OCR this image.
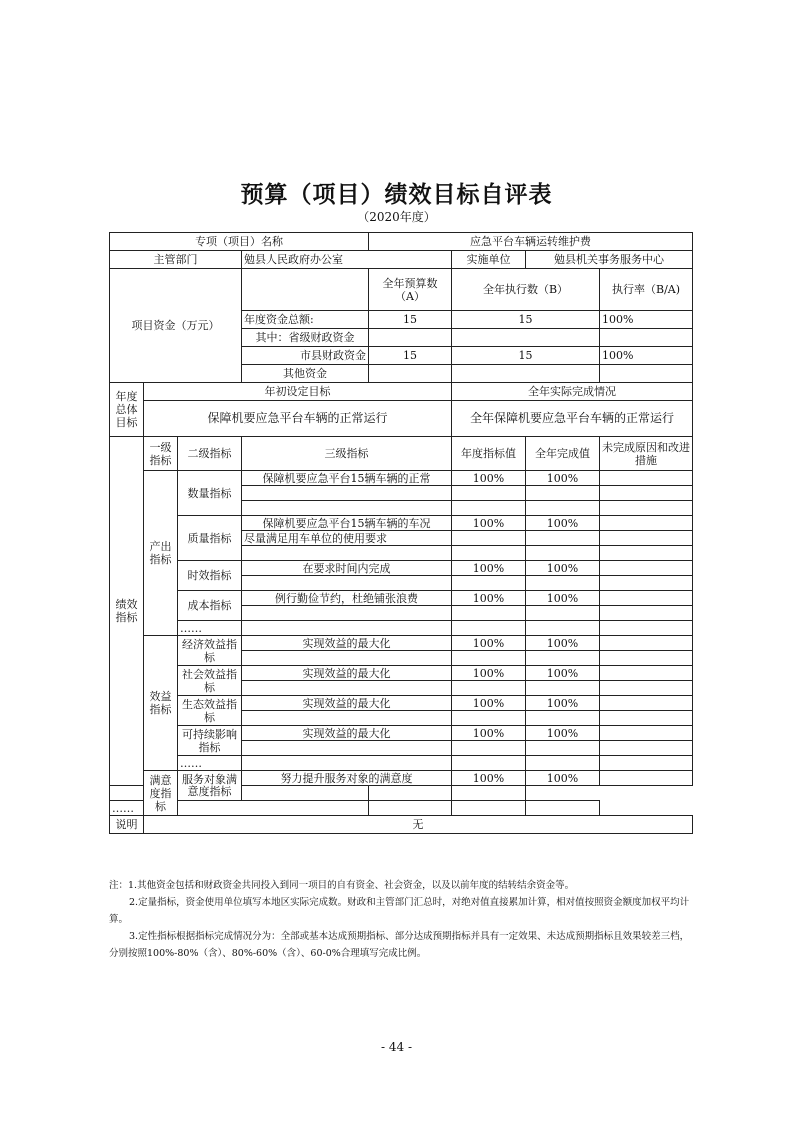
预算（项目）绩效目标自评表
（2020年度）
专项（项目）名称				应急平台车辆运转维护费			
主管部门			勉县人民政府办公室		实施单位	勉县机关事务服务中心	
项目资金（万元）				全年预算数（A）	全年执行数（B）		执行率（B/A)
			年度资金总额:	15	15		100%
			其中：省级财政资金				
			市县财政资金	15	15		100%
			其他资金				
年度总体目标	年初设定目标				全年实际完成情况		
	保障机要应急平台车辆的正常运行				全年保障机要应急平台车辆的正常运行		
绩效指标	一级指标	二级指标	三级指标		年度指标值	全年完成值	未完成原因和改进措施
	产出指标	数量指标	保障机要应急平台15辆车辆的正常		100%	100%	

		质量指标	保障机要应急平台15辆车辆的车况		100%	100%	
			尽量满足用车单位的使用要求				

		时效指标	在要求时间内完成		100%	100%	

		成本指标	例行勤俭节约，杜绝铺张浪费		100%	100%	

		……					
	效益指标	经济效益指标	实现效益的最大化		100%	100%	

		社会效益指标	实现效益的最大化		100%	100%	

		生态效益指标	实现效益的最大化		100%	100%	

		可持续影响指标	实现效益的最大化		100%	100%	

		……					
	满意度指标	服务对象满意度指标	努力提升服务对象的满意度		100%	100%	

……							
说明	无						

注：1.其他资金包括和财政资金共同投入到同一项目的自有资金、社会资金，以及以前年度的结转结余资金等。

2.定量指标，资金使用单位填写本地区实际完成数。财政和主管部门汇总时，对绝对值直接累加计算，相对值按照资金额度加权平均计算。

3.定性指标根据指标完成情况分为：全部或基本达成预期指标、部分达成预期指标并具有一定效果、未达成预期指标且效果较差三档，分别按照100%-80%（含）、80%-60%（含）、60-0%合理填写完成比例。

- 44 -
